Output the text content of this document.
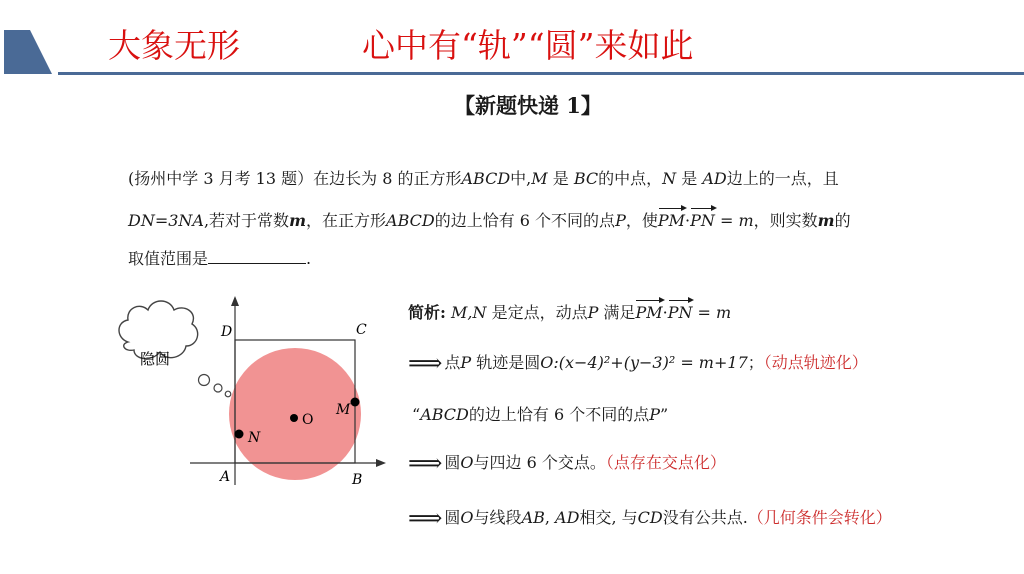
大象无形	心中有“轨”“圆”来如此
【新题快递 1】
(扬州中学 3 月考 13 题）在边长为 8 的正方形ABCD中,M 是 BC的中点，N 是 AD边上的一点，且
DN=3NA,若对于常数m，在正方形ABCD的边上恰有 6 个不同的点P，使PM·PN = m，则实数m的
取值范围是	.
隐圆
D	C
A	B
M
N
O
简析: M,N 是定点，动点P 满足PM·PN = m
⟹ 点P 轨迹是圆O:(x−4)²+(y−3)² = m+17；（动点轨迹化）
“ABCD的边上恰有 6 个不同的点P”
⟹ 圆O与四边 6 个交点。（点存在交点化）
⟹ 圆O与线段AB, AD相交, 与CD没有公共点.（几何条件会转化）
